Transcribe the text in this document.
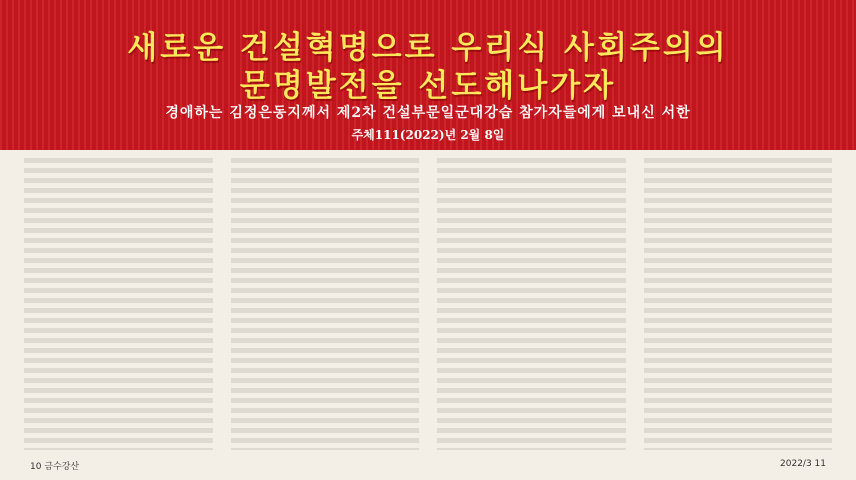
새로운 건설혁명으로 우리식 사회주의의
문명발전을 선도해나가자
경애하는 김정은동지께서 제2차 건설부문일군대강습 참가자들에게 보내신 서한
주체111(2022)년 2월 8일
10 금수강산	2022/3 11
